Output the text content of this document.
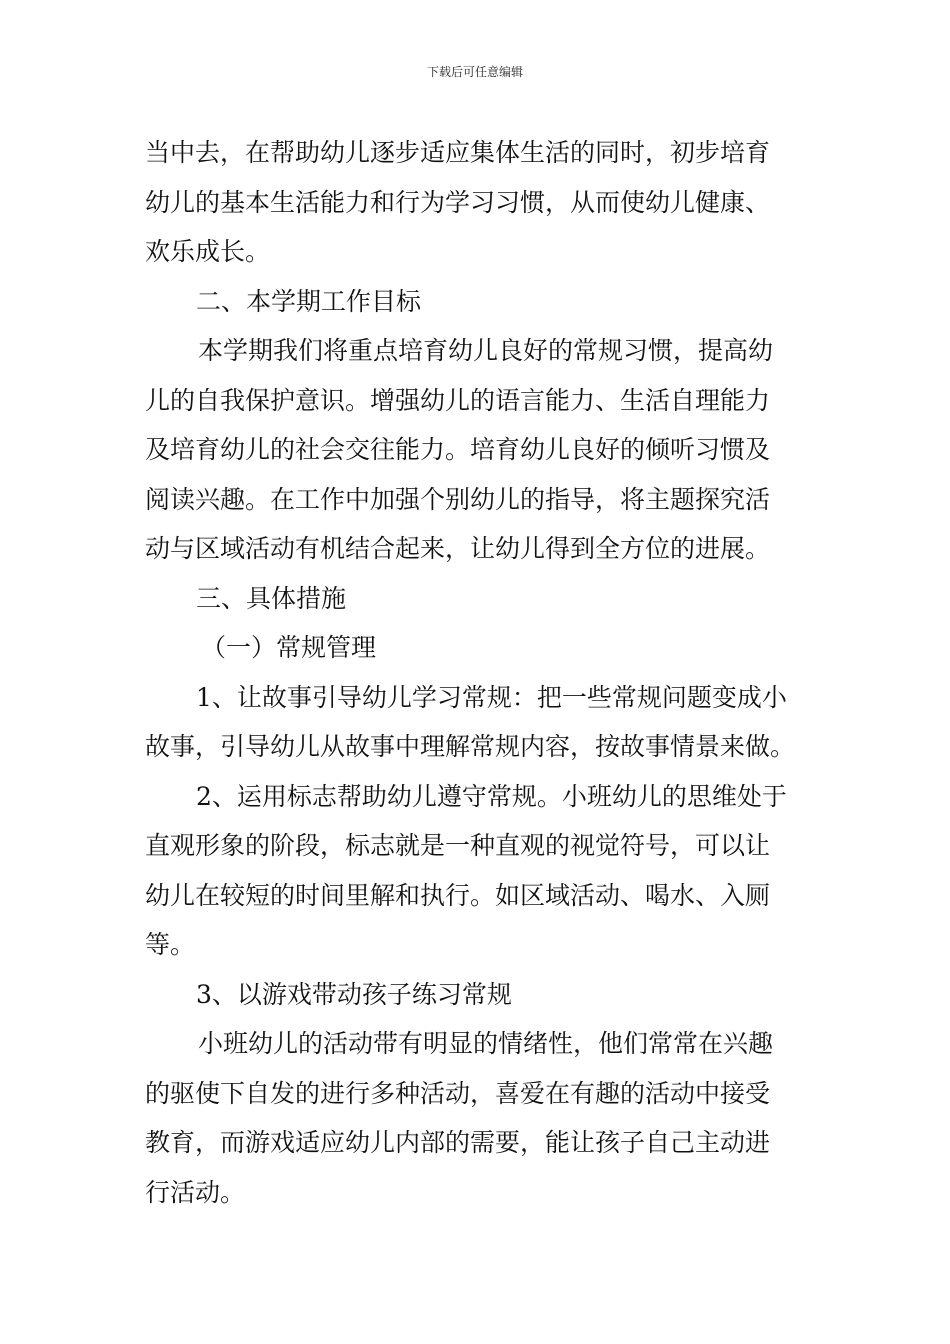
下载后可任意编辑
当中去，在帮助幼儿逐步适应集体生活的同时，初步培育
幼儿的基本生活能力和行为学习习惯，从而使幼儿健康、
欢乐成长。
二、本学期工作目标
本学期我们将重点培育幼儿良好的常规习惯，提高幼
儿的自我保护意识。增强幼儿的语言能力、生活自理能力
及培育幼儿的社会交往能力。培育幼儿良好的倾听习惯及
阅读兴趣。在工作中加强个别幼儿的指导，将主题探究活
动与区域活动有机结合起来，让幼儿得到全方位的进展。
三、具体措施
（一）常规管理
1、让故事引导幼儿学习常规：把一些常规问题变成小
故事，引导幼儿从故事中理解常规内容，按故事情景来做。
2、运用标志帮助幼儿遵守常规。小班幼儿的思维处于
直观形象的阶段，标志就是一种直观的视觉符号，可以让
幼儿在较短的时间里解和执行。如区域活动、喝水、入厕
等。
3、以游戏带动孩子练习常规
小班幼儿的活动带有明显的情绪性，他们常常在兴趣
的驱使下自发的进行多种活动，喜爱在有趣的活动中接受
教育，而游戏适应幼儿内部的需要，能让孩子自己主动进
行活动。
